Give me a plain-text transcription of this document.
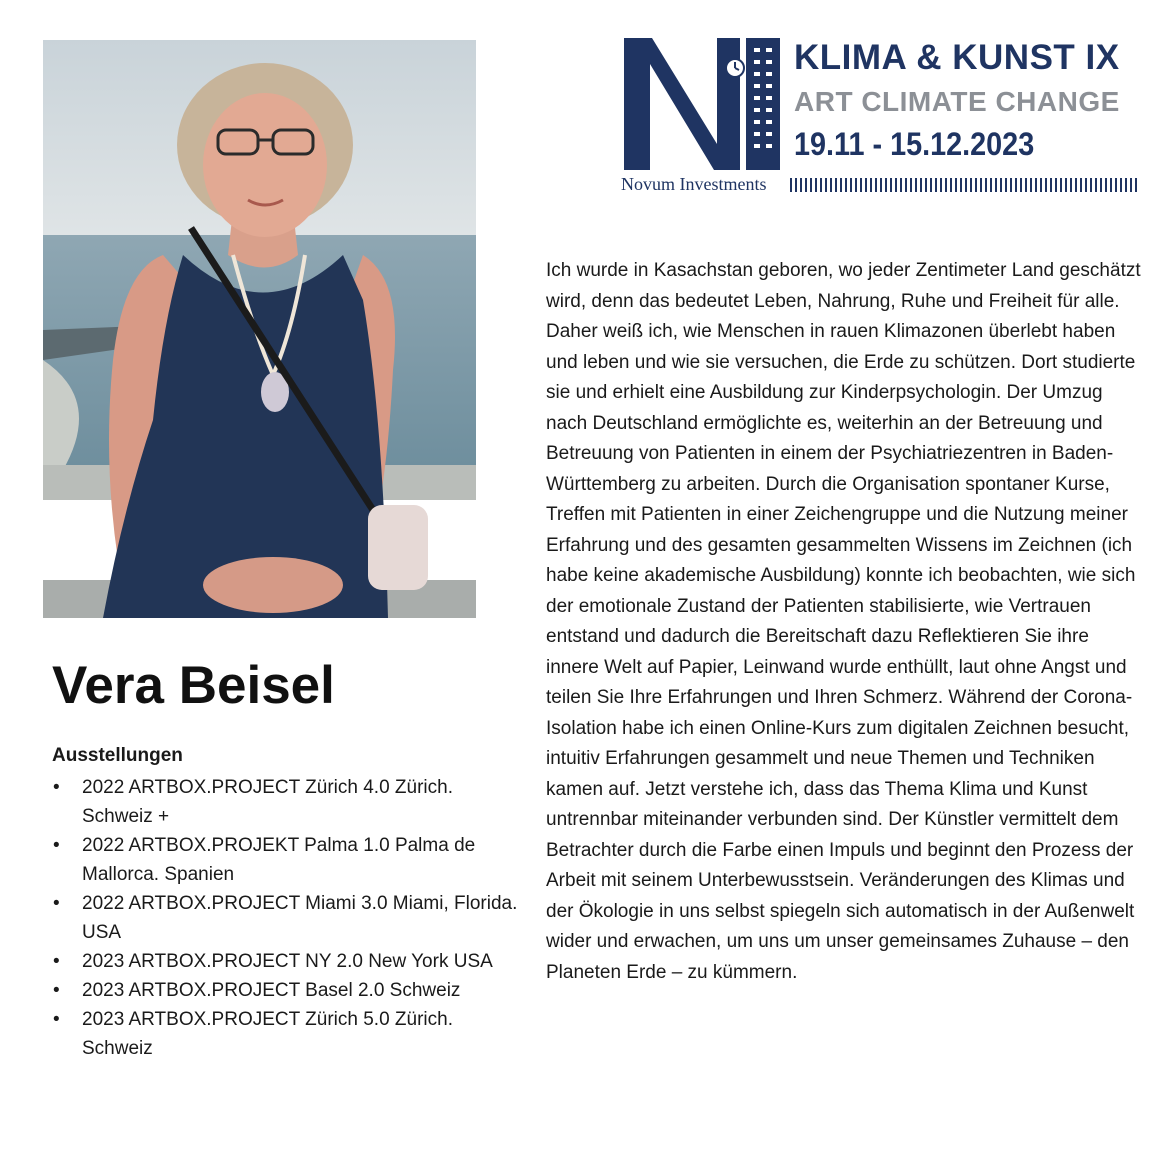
KLIMA & KUNST IX
ART CLIMATE CHANGE
19.11 - 15.12.2023
Novum Investments
Vera Beisel
Ausstellungen
• 2022 ARTBOX.PROJECT Zürich 4.0 Zürich. Schweiz +
• 2022 ARTBOX.PROJEKT Palma 1.0 Palma de Mallorca. Spanien
• 2022 ARTBOX.PROJECT Miami 3.0 Miami, Florida. USA
• 2023 ARTBOX.PROJECT NY 2.0 New York USA
• 2023 ARTBOX.PROJECT Basel 2.0 Schweiz
• 2023 ARTBOX.PROJECT Zürich 5.0 Zürich. Schweiz

Ich wurde in Kasachstan geboren, wo jeder Zentimeter Land geschätzt wird, denn das bedeutet Leben, Nahrung, Ruhe und Freiheit für alle. Daher weiß ich, wie Menschen in rauen Klimazonen überlebt haben und leben und wie sie versuchen, die Erde zu schützen. Dort studierte sie und erhielt eine Ausbildung zur Kinderpsychologin. Der Umzug nach Deutschland ermöglichte es, weiterhin an der Betreuung und Betreuung von Patienten in einem der Psychiatriezentren in Baden-Württemberg zu arbeiten. Durch die Organisation spontaner Kurse, Treffen mit Patienten in einer Zeichengruppe und die Nutzung meiner Erfahrung und des gesamten gesammelten Wissens im Zeichnen (ich habe keine akademische Ausbildung) konnte ich beobachten, wie sich der emotionale Zustand der Patienten stabilisierte, wie Vertrauen entstand und dadurch die Bereitschaft dazu Reflektieren Sie ihre innere Welt auf Papier, Leinwand wurde enthüllt, laut ohne Angst und teilen Sie Ihre Erfahrungen und Ihren Schmerz. Während der Corona-Isolation habe ich einen Online-Kurs zum digitalen Zeichnen besucht, intuitiv Erfahrungen gesammelt und neue Themen und Techniken kamen auf. Jetzt verstehe ich, dass das Thema Klima und Kunst untrennbar miteinander verbunden sind. Der Künstler vermittelt dem Betrachter durch die Farbe einen Impuls und beginnt den Prozess der Arbeit mit seinem Unterbewusstsein. Veränderungen des Klimas und der Ökologie in uns selbst spiegeln sich automatisch in der Außenwelt wider und erwachen, um uns um unser gemeinsames Zuhause – den Planeten Erde – zu kümmern.
